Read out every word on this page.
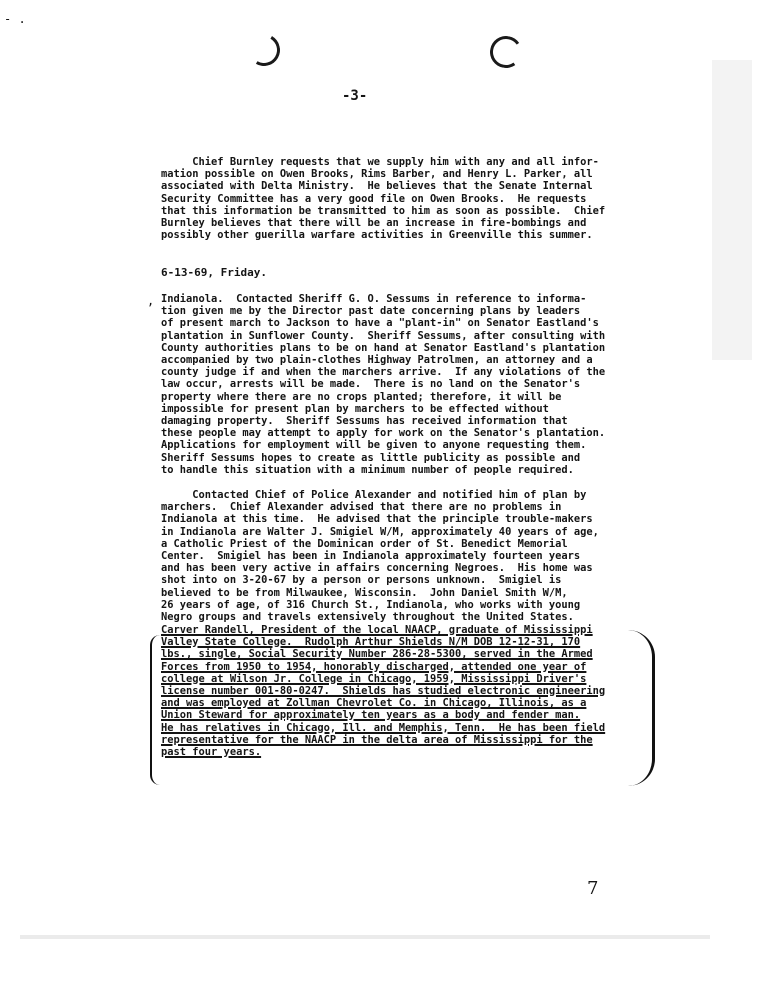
- .
-3-
Chief Burnley requests that we supply him with any and all infor-
mation possible on Owen Brooks, Rims Barber, and Henry L. Parker, all
associated with Delta Ministry.  He believes that the Senate Internal
Security Committee has a very good file on Owen Brooks.  He requests
that this information be transmitted to him as soon as possible.  Chief
Burnley believes that there will be an increase in fire-bombings and
possibly other guerilla warfare activities in Greenville this summer.
6-13-69, Friday.
, Indianola.  Contacted Sheriff G. O. Sessums in reference to informa-
tion given me by the Director past date concerning plans by leaders
of present march to Jackson to have a "plant-in" on Senator Eastland's
plantation in Sunflower County.  Sheriff Sessums, after consulting with
County authorities plans to be on hand at Senator Eastland's plantation
accompanied by two plain-clothes Highway Patrolmen, an attorney and a
county judge if and when the marchers arrive.  If any violations of the
law occur, arrests will be made.  There is no land on the Senator's
property where there are no crops planted; therefore, it will be
impossible for present plan by marchers to be effected without
damaging property.  Sheriff Sessums has received information that
these people may attempt to apply for work on the Senator's plantation.
Applications for employment will be given to anyone requesting them.
Sheriff Sessums hopes to create as little publicity as possible and
to handle this situation with a minimum number of people required.
Contacted Chief of Police Alexander and notified him of plan by
marchers.  Chief Alexander advised that there are no problems in
Indianola at this time.  He advised that the principle trouble-makers
in Indianola are Walter J. Smigiel W/M, approximately 40 years of age,
a Catholic Priest of the Dominican order of St. Benedict Memorial
Center.  Smigiel has been in Indianola approximately fourteen years
and has been very active in affairs concerning Negroes.  His home was
shot into on 3-20-67 by a person or persons unknown.  Smigiel is
believed to be from Milwaukee, Wisconsin.  John Daniel Smith W/M,
26 years of age, of 316 Church St., Indianola, who works with young
Negro groups and travels extensively throughout the United States.
Carver Randell, President of the local NAACP, graduate of Mississippi
Valley State College.  Rudolph Arthur Shields N/M DOB 12-12-31, 170
lbs., single, Social Security Number 286-28-5300, served in the Armed
Forces from 1950 to 1954, honorably discharged, attended one year of
college at Wilson Jr. College in Chicago, 1959, Mississippi Driver's
license number 001-80-0247.  Shields has studied electronic engineering
and was employed at Zollman Chevrolet Co. in Chicago, Illinois, as a
Union Steward for approximately ten years as a body and fender man.
He has relatives in Chicago, Ill. and Memphis, Tenn.  He has been field
representative for the NAACP in the delta area of Mississippi for the
past four years.
7
